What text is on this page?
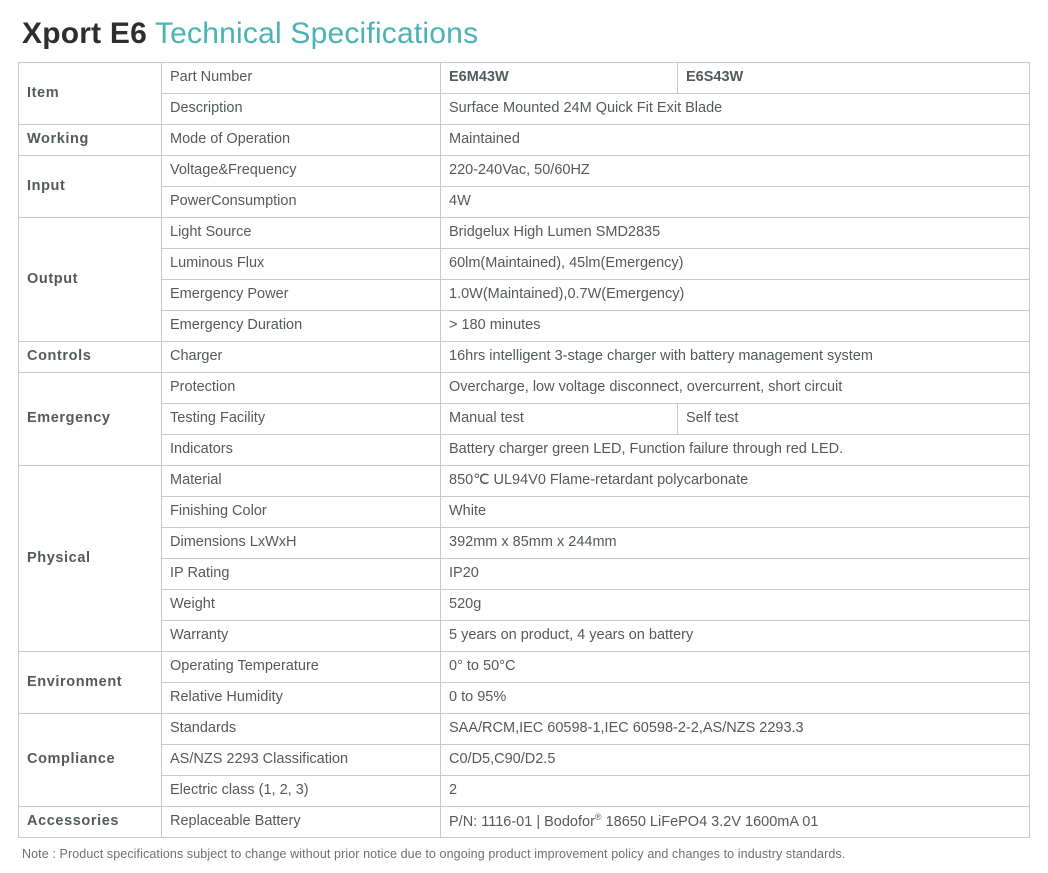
Xport E6 Technical Specifications
Item	Part Number	E6M43W	E6S43W
	Description	Surface Mounted 24M Quick Fit Exit Blade	
Working	Mode of Operation	Maintained	
Input	Voltage&Frequency	220-240Vac, 50/60HZ	
	PowerConsumption	4W	
Output	Light Source	Bridgelux High Lumen SMD2835	
	Luminous Flux	60lm(Maintained), 45lm(Emergency)	
	Emergency Power	1.0W(Maintained),0.7W(Emergency)	
	Emergency Duration	> 180 minutes	
Controls	Charger	16hrs intelligent 3-stage charger with battery management system	
Emergency	Protection	Overcharge, low voltage disconnect, overcurrent, short circuit	
	Testing Facility	Manual test	Self test
	Indicators	Battery charger green LED, Function failure through red LED.	
Physical	Material	850℃ UL94V0 Flame-retardant polycarbonate	
	Finishing Color	White	
	Dimensions LxWxH	392mm x 85mm x 244mm	
	IP Rating	IP20	
	Weight	520g	
	Warranty	5 years on product, 4 years on battery	
Environment	Operating Temperature	0° to 50°C	
	Relative Humidity	0 to 95%	
Compliance	Standards	SAA/RCM,IEC 60598-1,IEC 60598-2-2,AS/NZS 2293.3	
	AS/NZS 2293 Classification	C0/D5,C90/D2.5	
	Electric class (1, 2, 3)	2	
Accessories	Replaceable Battery	P/N: 1116-01 | Bodofor® 18650 LiFePO4 3.2V 1600mA 01	
Note : Product specifications subject to change without prior notice due to ongoing product improvement policy and changes to industry standards.
